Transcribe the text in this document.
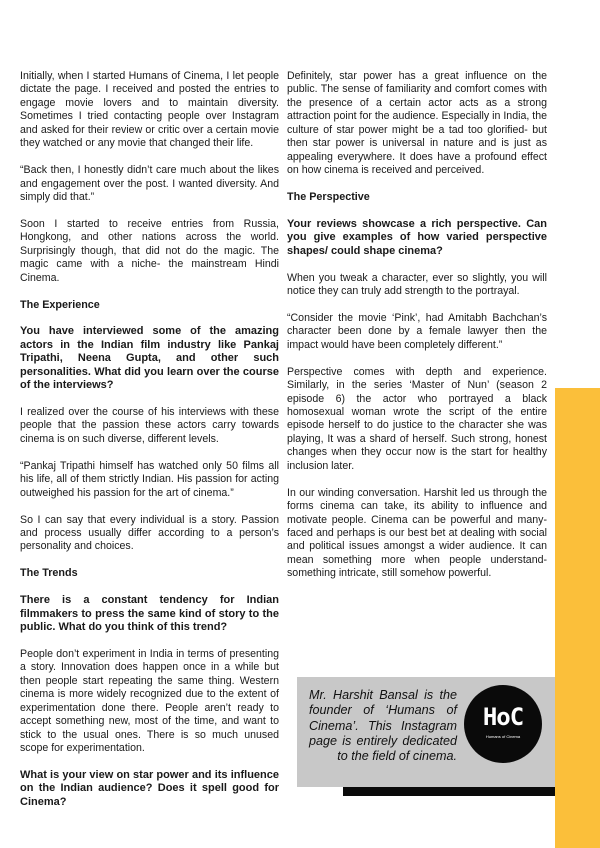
Initially, when I started Humans of Cinema, I let people dictate the page. I received and posted the entries to engage movie lovers and to maintain diversity. Sometimes I tried contacting people over Instagram and asked for their review or critic over a certain movie they watched or any movie that changed their life.

“Back then, I honestly didn’t care much about the likes and engagement over the post. I wanted diversity. And simply did that.”

Soon I started to receive entries from Russia, Hongkong, and other nations across the world. Surprisingly though, that did not do the magic. The magic came with a niche- the mainstream Hindi Cinema.

The Experience

You have interviewed some of the amazing actors in the Indian film industry like Pankaj Tripathi, Neena Gupta, and other such personalities. What did you learn over the course of the interviews?

I realized over the course of his interviews with these people that the passion these actors carry towards cinema is on such diverse, different levels.

“Pankaj Tripathi himself has watched only 50 films all his life, all of them strictly Indian. His passion for acting outweighed his passion for the art of cinema.”

So I can say that every individual is a story. Passion and process usually differ according to a person’s personality and choices.

The Trends

There is a constant tendency for Indian filmmakers to press the same kind of story to the public. What do you think of this trend?

People don’t experiment in India in terms of presenting a story. Innovation does happen once in a while but then people start repeating the same thing. Western cinema is more widely recognized due to the extent of experimentation done there. People aren’t ready to accept something new, most of the time, and want to stick to the usual ones. There is so much unused scope for experimentation.

What is your view on star power and its influence on the Indian audience? Does it spell good for Cinema?

Definitely, star power has a great influence on the public. The sense of familiarity and comfort comes with the presence of a certain actor acts as a strong attraction point for the audience. Especially in India, the culture of star power might be a tad too glorified- but then star power is universal in nature and is just as appealing everywhere. It does have a profound effect on how cinema is received and perceived.

The Perspective

Your reviews showcase a rich perspective. Can you give examples of how varied perspective shapes/ could shape cinema?

When you tweak a character, ever so slightly, you will notice they can truly add strength to the portrayal.

“Consider the movie ‘Pink’, had Amitabh Bachchan’s character been done by a female lawyer then the impact would have been completely different.”

Perspective comes with depth and experience. Similarly, in the series ‘Master of Nun’ (season 2 episode 6) the actor who portrayed a black homosexual woman wrote the script of the entire episode herself to do justice to the character she was playing, It was a shard of herself. Such strong, honest changes when they occur now is the start for healthy inclusion later.

In our winding conversation. Harshit led us through the forms cinema can take, its ability to influence and motivate people. Cinema can be powerful and many-faced and perhaps is our best bet at dealing with social and political issues amongst a wider audience. It can mean something more when people understand- something intricate, still somehow powerful.

Mr. Harshit Bansal is the founder of ‘Humans of Cinema’. This Instagram page is entirely dedicated to the field of cinema.
HoC
Humans of Cinema
